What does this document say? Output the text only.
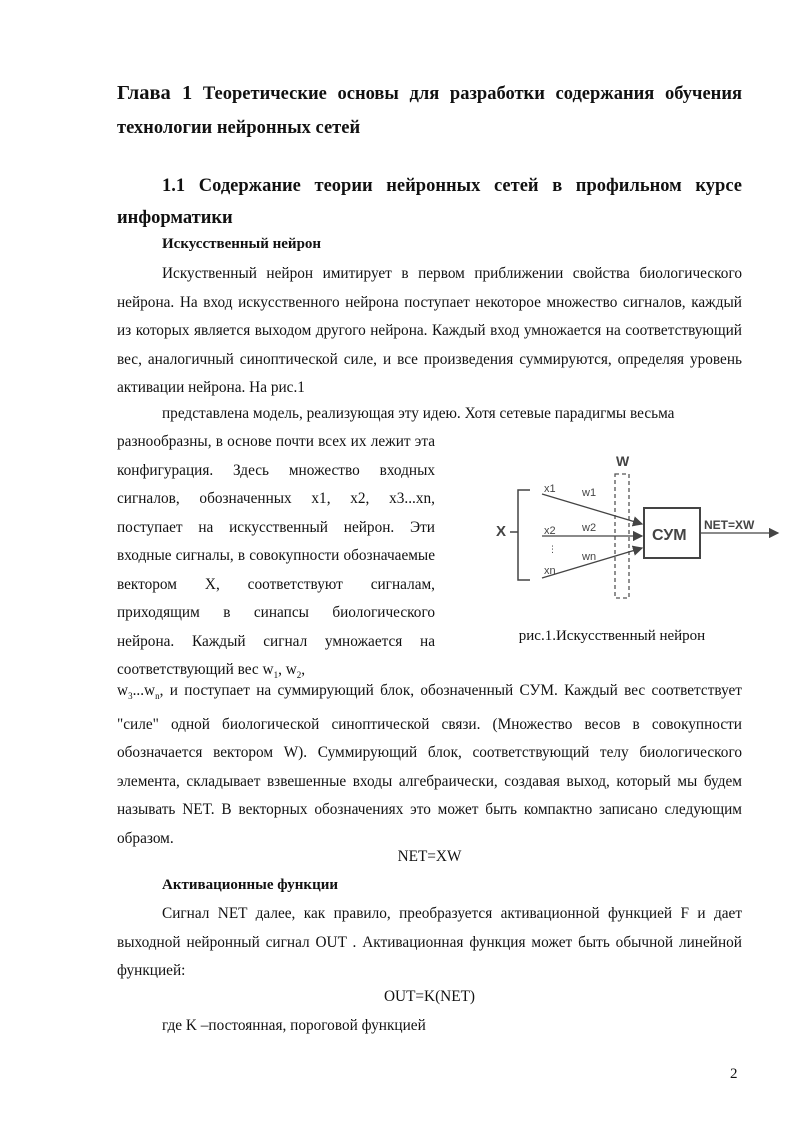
Глава 1 Теоретические основы для разработки содержания обучения технологии нейронных сетей
1.1 Содержание теории нейронных сетей в профильном курсе информатики
Искусственный нейрон

Искуственный нейрон имитирует в первом приближении свойства биологического нейрона. На вход искусственного нейрона поступает некоторое множество сигналов, каждый из которых является выходом другого нейрона. Каждый вход умножается на соответствующий вес, аналогичный синоптической силе, и все произведения суммируются, определяя уровень активации нейрона. На рис.1

представлена модель, реализующая эту идею. Хотя сетевые парадигмы весьма

разнообразны, в основе почти всех их лежит эта конфигурация. Здесь множество входных сигналов, обозначенных x1, x2, x3...xn, поступает на искусственный нейрон. Эти входные сигналы, в совокупности обозначаемые вектором X, соответствуют сигналам, приходящим в синапсы биологического нейрона. Каждый сигнал умножается на соответствующий вес $w_1$, $w_2$,

$w_3...w_n$, и поступает на суммирующий блок, обозначенный СУМ. Каждый вес соответствует "силе" одной биологической синоптической связи. (Множество весов в совокупности обозначается вектором W). Суммирующий блок, соответствующий телу биологического элемента, складывает взвешенные входы алгебраически, создавая выход, который мы будем называть NET. В векторных обозначениях это может быть компактно записано следующим образом.

NET=XW
Активационные функции

Сигнал NET далее, как правило, преобразуется активационной функцией F и дает выходной нейронный сигнал OUT . Активационная функция может быть обычной линейной функцией:

OUT=K(NET)

где K –постоянная, пороговой функцией

X
W
x1
x2
⋮
xn
w1
w2
wn
СУМ
NET=XW
рис.1.Искусственный нейрон
2
